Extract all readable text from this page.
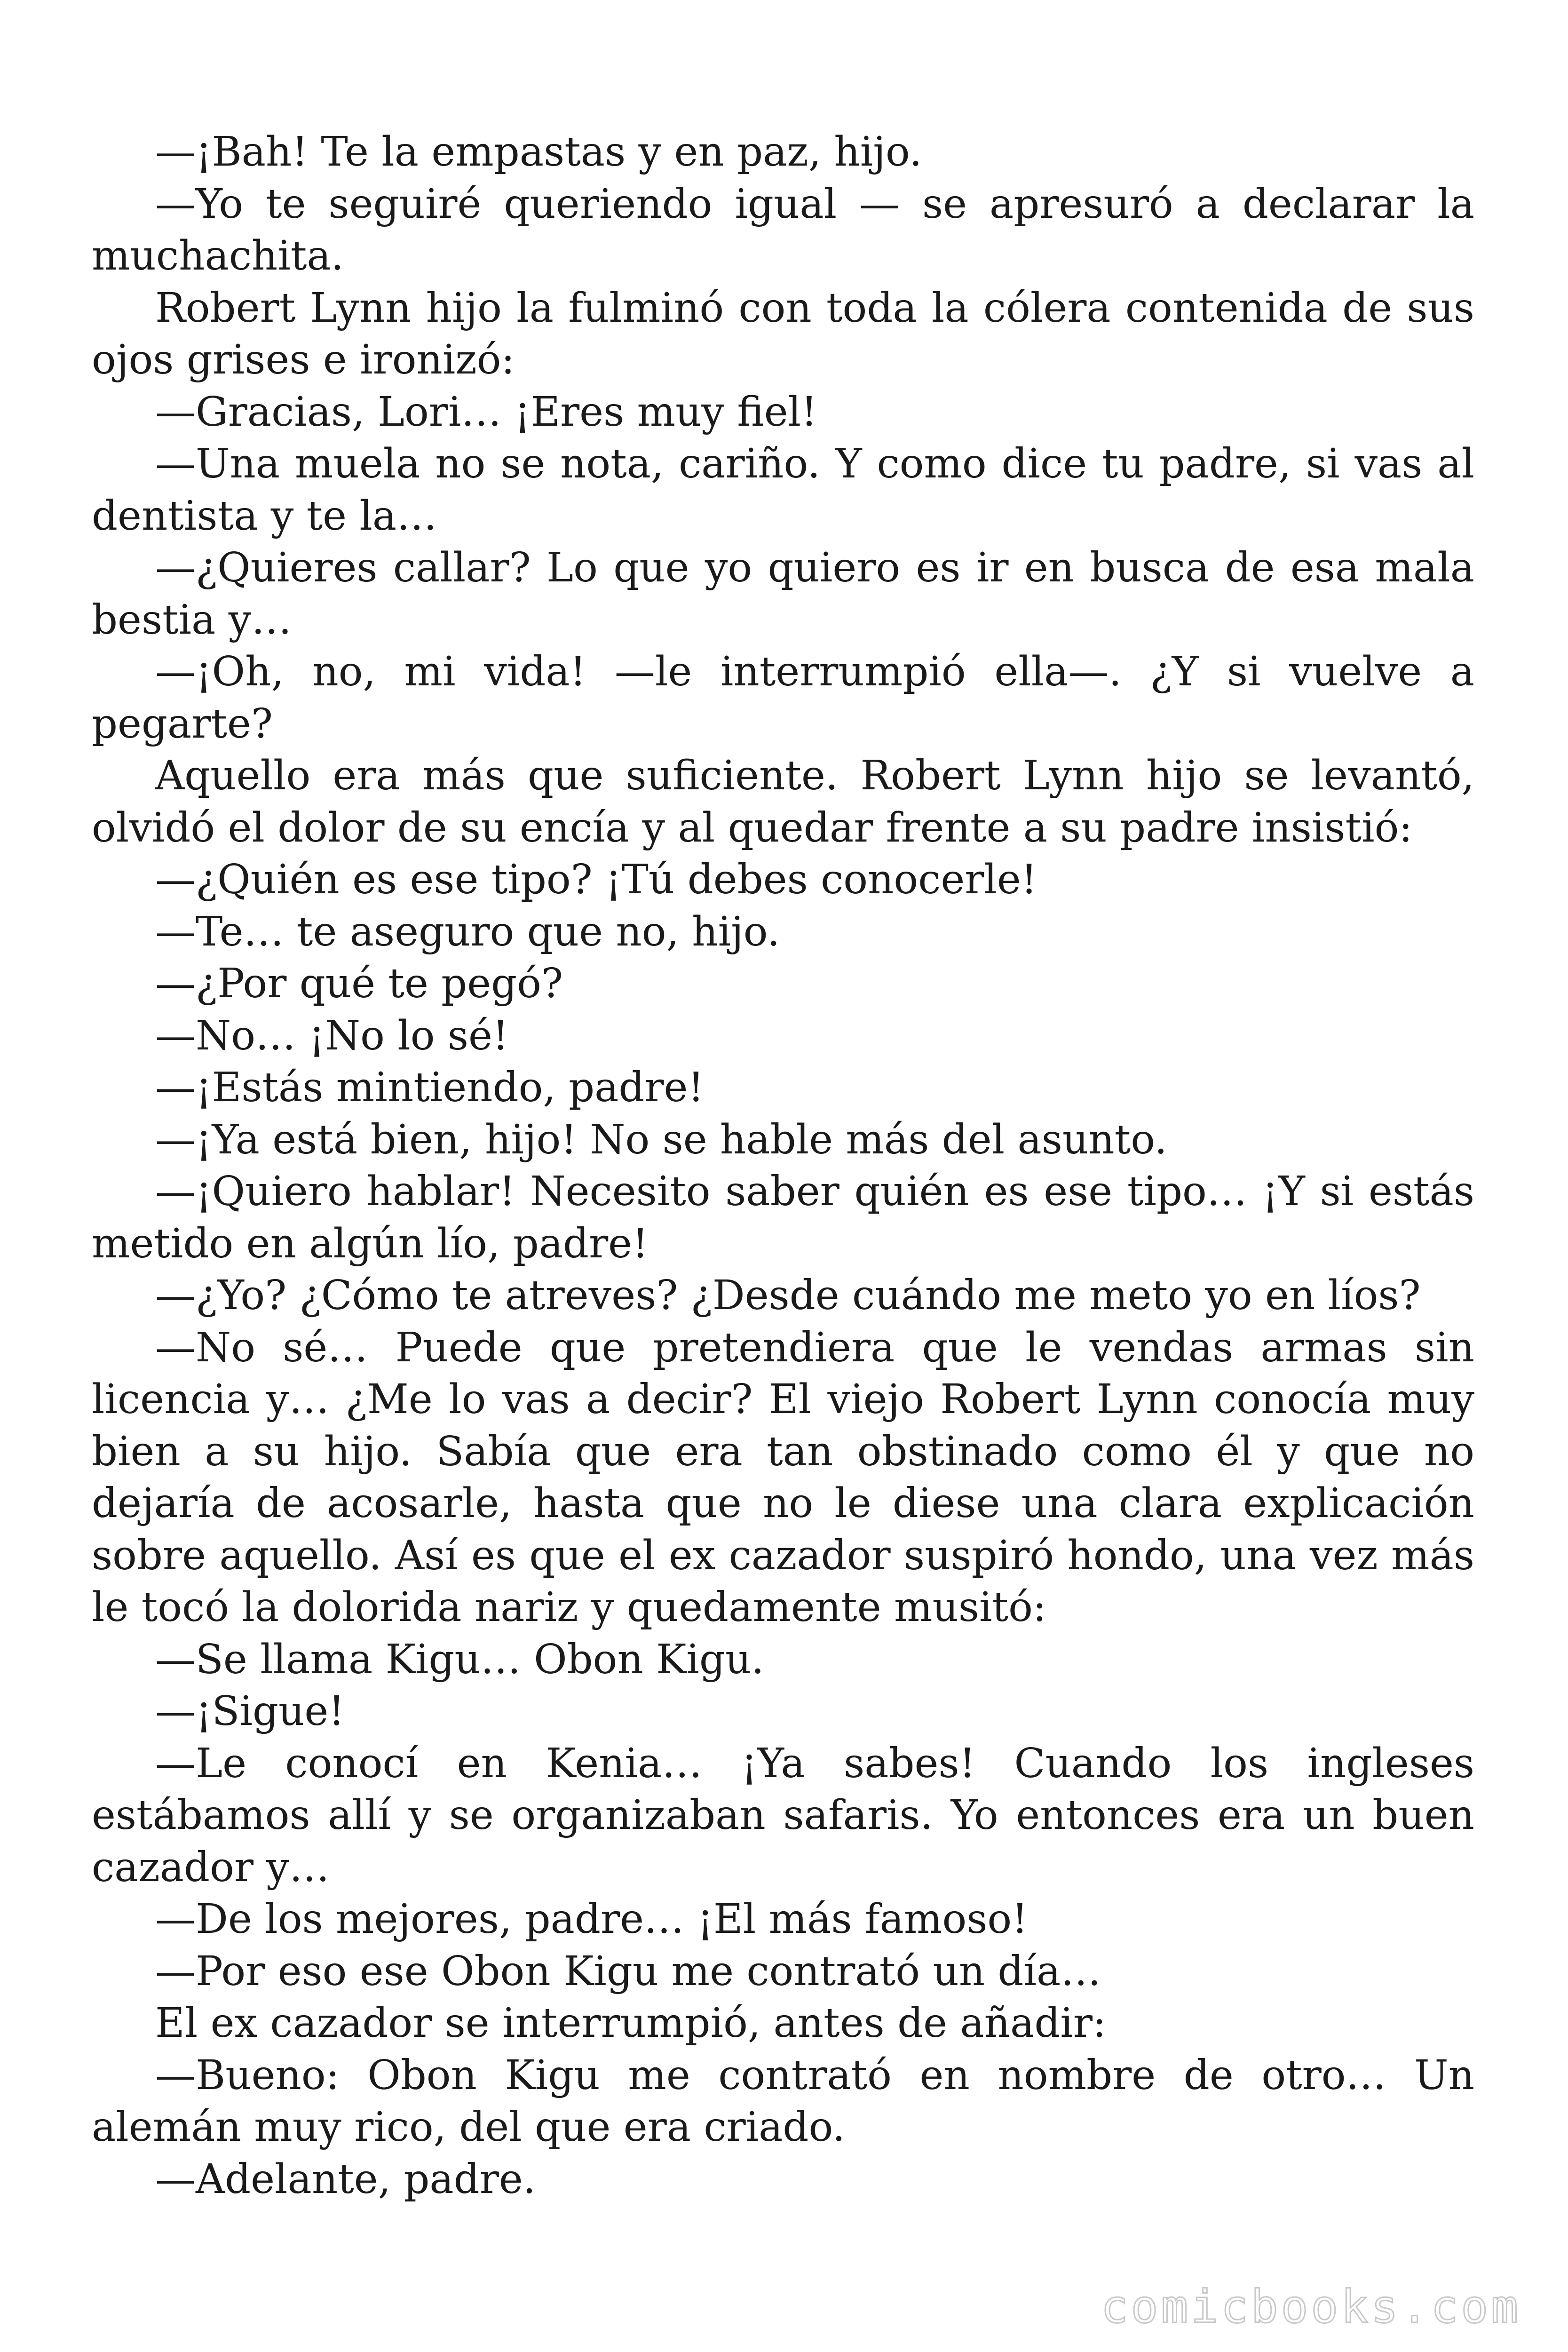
—¡Bah! Te la empastas y en paz, hijo.

—Yo te seguiré queriendo igual — se apresuró a declarar la muchachita.

Robert Lynn hijo la fulminó con toda la cólera contenida de sus ojos grises e ironizó:

—Gracias, Lori… ¡Eres muy fiel!

—Una muela no se nota, cariño. Y como dice tu padre, si vas al dentista y te la…

—¿Quieres callar? Lo que yo quiero es ir en busca de esa mala bestia y…

—¡Oh, no, mi vida! —le interrumpió ella—. ¿Y si vuelve a pegarte?

Aquello era más que suficiente. Robert Lynn hijo se levantó, olvidó el dolor de su encía y al quedar frente a su padre insistió:

—¿Quién es ese tipo? ¡Tú debes conocerle!

—Te… te aseguro que no, hijo.

—¿Por qué te pegó?

—No… ¡No lo sé!

—¡Estás mintiendo, padre!

—¡Ya está bien, hijo! No se hable más del asunto.

—¡Quiero hablar! Necesito saber quién es ese tipo… ¡Y si estás metido en algún lío, padre!

—¿Yo? ¿Cómo te atreves? ¿Desde cuándo me meto yo en líos?

—No sé… Puede que pretendiera que le vendas armas sin licencia y… ¿Me lo vas a decir? El viejo Robert Lynn conocía muy bien a su hijo. Sabía que era tan obstinado como él y que no dejaría de acosarle, hasta que no le diese una clara explicación sobre aquello. Así es que el ex cazador suspiró hondo, una vez más le tocó la dolorida nariz y quedamente musitó:

—Se llama Kigu… Obon Kigu.

—¡Sigue!

—Le conocí en Kenia… ¡Ya sabes! Cuando los ingleses estábamos allí y se organizaban safaris. Yo entonces era un buen cazador y…

—De los mejores, padre… ¡El más famoso!

—Por eso ese Obon Kigu me contrató un día…

El ex cazador se interrumpió, antes de añadir:

—Bueno: Obon Kigu me contrató en nombre de otro… Un alemán muy rico, del que era criado.

—Adelante, padre.

comicbooks.com
